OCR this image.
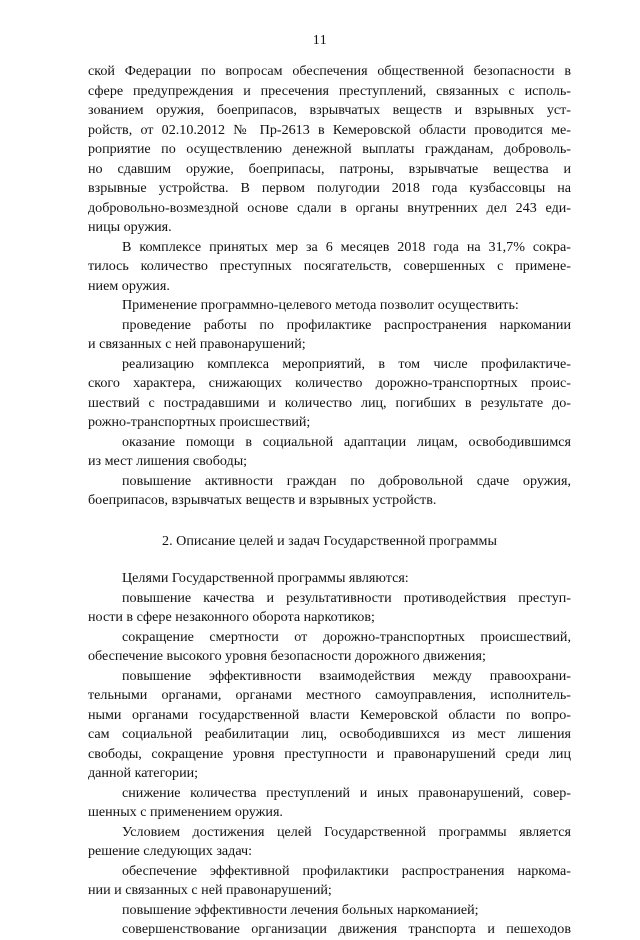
11
ской Федерации по вопросам обеспечения общественной безопасности в
сфере предупреждения и пресечения преступлений, связанных с исполь-
зованием оружия, боеприпасов, взрывчатых веществ и взрывных уст-
ройств, от 02.10.2012 № Пр-2613 в Кемеровской области проводится ме-
роприятие по осуществлению денежной выплаты гражданам, доброволь-
но сдавшим оружие, боеприпасы, патроны, взрывчатые вещества и
взрывные устройства. В первом полугодии 2018 года кузбассовцы на
добровольно-возмездной основе сдали в органы внутренних дел 243 еди-
ницы оружия.
В комплексе принятых мер за 6 месяцев 2018 года на 31,7% сокра-
тилось количество преступных посягательств, совершенных с примене-
нием оружия.
Применение программно-целевого метода позволит осуществить:
проведение работы по профилактике распространения наркомании
и связанных с ней правонарушений;
реализацию комплекса мероприятий, в том числе профилактиче-
ского характера, снижающих количество дорожно-транспортных проис-
шествий с пострадавшими и количество лиц, погибших в результате до-
рожно-транспортных происшествий;
оказание помощи в социальной адаптации лицам, освободившимся
из мест лишения свободы;
повышение активности граждан по добровольной сдаче оружия,
боеприпасов, взрывчатых веществ и взрывных устройств.
2. Описание целей и задач Государственной программы
Целями Государственной программы являются:
повышение качества и результативности противодействия преступ-
ности в сфере незаконного оборота наркотиков;
сокращение смертности от дорожно-транспортных происшествий,
обеспечение высокого уровня безопасности дорожного движения;
повышение эффективности взаимодействия между правоохрани-
тельными органами, органами местного самоуправления, исполнитель-
ными органами государственной власти Кемеровской области по вопро-
сам социальной реабилитации лиц, освободившихся из мест лишения
свободы, сокращение уровня преступности и правонарушений среди лиц
данной категории;
снижение количества преступлений и иных правонарушений, совер-
шенных с применением оружия.
Условием достижения целей Государственной программы является
решение следующих задач:
обеспечение эффективной профилактики распространения наркома-
нии и связанных с ней правонарушений;
повышение эффективности лечения больных наркоманией;
совершенствование организации движения транспорта и пешеходов
